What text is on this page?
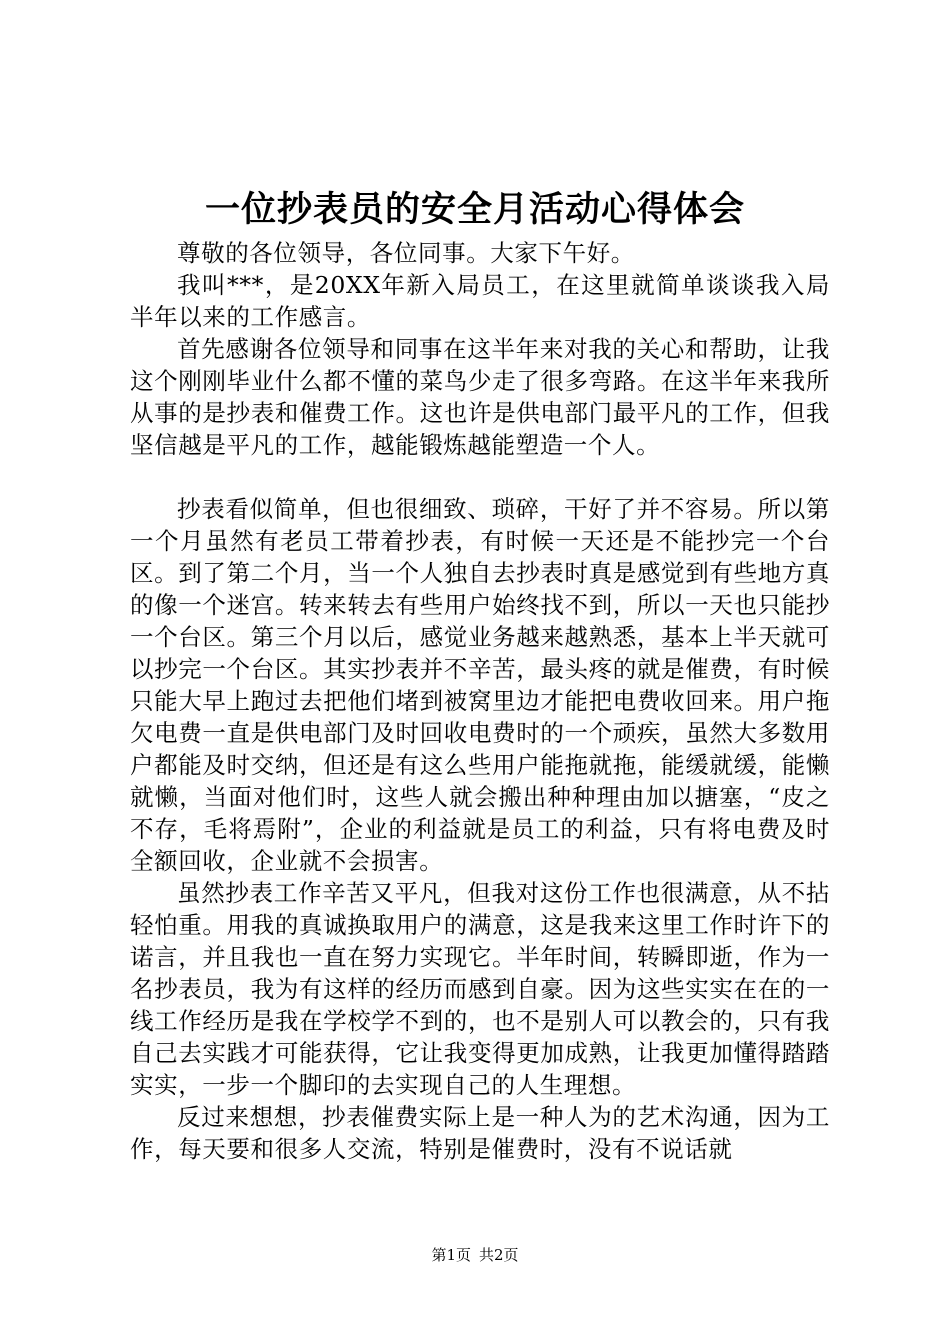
一位抄表员的安全月活动心得体会

尊敬的各位领导，各位同事。大家下午好。

我叫***，是20XX年新入局员工，在这里就简单谈谈我入局半年以来的工作感言。

首先感谢各位领导和同事在这半年来对我的关心和帮助，让我这个刚刚毕业什么都不懂的菜鸟少走了很多弯路。在这半年来我所从事的是抄表和催费工作。这也许是供电部门最平凡的工作，但我坚信越是平凡的工作，越能锻炼越能塑造一个人。

抄表看似简单，但也很细致、琐碎，干好了并不容易。所以第一个月虽然有老员工带着抄表，有时候一天还是不能抄完一个台区。到了第二个月，当一个人独自去抄表时真是感觉到有些地方真的像一个迷宫。转来转去有些用户始终找不到，所以一天也只能抄一个台区。第三个月以后，感觉业务越来越熟悉，基本上半天就可以抄完一个台区。其实抄表并不辛苦，最头疼的就是催费，有时候只能大早上跑过去把他们堵到被窝里边才能把电费收回来。用户拖欠电费一直是供电部门及时回收电费时的一个顽疾，虽然大多数用户都能及时交纳，但还是有这么些用户能拖就拖，能缓就缓，能懒就懒，当面对他们时，这些人就会搬出种种理由加以搪塞，“皮之不存，毛将焉附”，企业的利益就是员工的利益，只有将电费及时全额回收，企业就不会损害。

虽然抄表工作辛苦又平凡，但我对这份工作也很满意，从不拈轻怕重。用我的真诚换取用户的满意，这是我来这里工作时许下的诺言，并且我也一直在努力实现它。半年时间，转瞬即逝，作为一名抄表员，我为有这样的经历而感到自豪。因为这些实实在在的一线工作经历是我在学校学不到的，也不是别人可以教会的，只有我自己去实践才可能获得，它让我变得更加成熟，让我更加懂得踏踏实实，一步一个脚印的去实现自己的人生理想。

反过来想想，抄表催费实际上是一种人为的艺术沟通，因为工作，每天要和很多人交流，特别是催费时，没有不说话就

第1页 共2页
